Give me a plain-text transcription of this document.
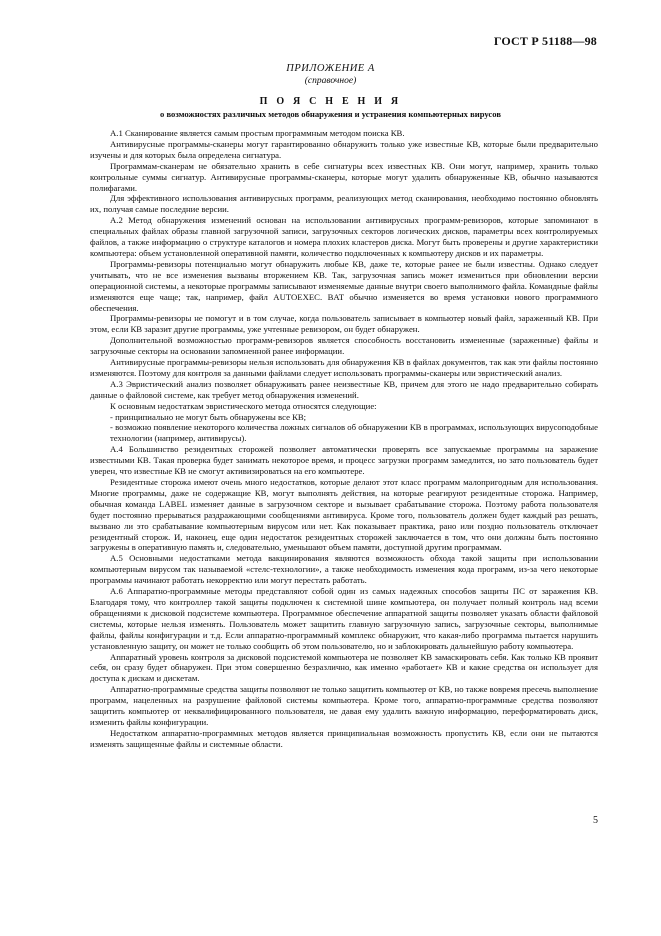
ГОСТ Р 51188—98
ПРИЛОЖЕНИЕ А
(справочное)
П О Я С Н Е Н И Я
о возможностях различных методов обнаружения и устранения компьютерных вирусов

А.1 Сканирование является самым простым программным методом поиска КВ.

Антивирусные программы-сканеры могут гарантированно обнаружить только уже известные КВ, которые были предварительно изучены и для которых была определена сигнатура.

Программам-сканерам не обязательно хранить в себе сигнатуры всех известных КВ. Они могут, например, хранить только контрольные суммы сигнатур. Антивирусные программы-сканеры, которые могут удалить обнаруженные КВ, обычно называются полифагами.

Для эффективного использования антивирусных программ, реализующих метод сканирования, необходимо постоянно обновлять их, получая самые последние версии.

А.2 Метод обнаружения изменений основан на использовании антивирусных программ-ревизоров, которые запоминают в специальных файлах образы главной загрузочной записи, загрузочных секторов логических дисков, параметры всех контролируемых файлов, а также информацию о структуре каталогов и номера плохих кластеров диска. Могут быть проверены и другие характеристики компьютера: объем установленной оперативной памяти, количество подключенных к компьютеру дисков и их параметры.

Программы-ревизоры потенциально могут обнаружить любые КВ, даже те, которые ранее не были известны. Однако следует учитывать, что не все изменения вызваны вторжением КВ. Так, загрузочная запись может измениться при обновлении версии операционной системы, а некоторые программы записывают изменяемые данные внутри своего выполнимого файла. Командные файлы изменяются еще чаще; так, например, файл AUTOEXEC. BAT обычно изменяется во время установки нового программного обеспечения.

Программы-ревизоры не помогут и в том случае, когда пользователь записывает в компьютер новый файл, зараженный КВ. При этом, если КВ заразит другие программы, уже учтенные ревизором, он будет обнаружен.

Дополнительной возможностью программ-ревизоров является способность восстановить измененные (зараженные) файлы и загрузочные секторы на основании запомненной ранее информации.

Антивирусные программы-ревизоры нельзя использовать для обнаружения КВ в файлах документов, так как эти файлы постоянно изменяются. Поэтому для контроля за данными файлами следует использовать программы-сканеры или эвристический анализ.

А.3 Эвристический анализ позволяет обнаруживать ранее неизвестные КВ, причем для этого не надо предварительно собирать данные о файловой системе, как требует метод обнаружения изменений.

К основным недостаткам эвристического метода относятся следующие:

- принципиально не могут быть обнаружены все КВ;

- возможно появление некоторого количества ложных сигналов об обнаружении КВ в программах, использующих вирусоподобные технологии (например, антивирусы).

А.4 Большинство резидентных сторожей позволяет автоматически проверять все запускаемые программы на заражение известными КВ. Такая проверка будет занимать некоторое время, и процесс загрузки программ замедлится, но зато пользователь будет уверен, что известные КВ не смогут активизироваться на его компьютере.

Резидентные сторожа имеют очень много недостатков, которые делают этот класс программ малопригодным для использования. Многие программы, даже не содержащие КВ, могут выполнять действия, на которые реагируют резидентные сторожа. Например, обычная команда LABEL изменяет данные в загрузочном секторе и вызывает срабатывание сторожа. Поэтому работа пользователя будет постоянно прерываться раздражающими сообщениями антивируса. Кроме того, пользователь должен будет каждый раз решать, вызвано ли это срабатывание компьютерным вирусом или нет. Как показывает практика, рано или поздно пользователь отключает резидентный сторож. И, наконец, еще один недостаток резидентных сторожей заключается в том, что они должны быть постоянно загружены в оперативную память и, следовательно, уменьшают объем памяти, доступной другим программам.

А.5 Основными недостатками метода вакцинирования являются возможность обхода такой защиты при использовании компьютерным вирусом так называемой «стелс-технологии», а также необходимость изменения кода программ, из-за чего некоторые программы начинают работать некорректно или могут перестать работать.

А.6 Аппаратно-программные методы представляют собой один из самых надежных способов защиты ПС от заражения КВ. Благодаря тому, что контроллер такой защиты подключен к системной шине компьютера, он получает полный контроль над всеми обращениями к дисковой подсистеме компьютера. Программное обеспечение аппаратной защиты позволяет указать области файловой системы, которые нельзя изменять. Пользователь может защитить главную загрузочную запись, загрузочные секторы, выполнимые файлы, файлы конфигурации и т.д. Если аппаратно-программный комплекс обнаружит, что какая-либо программа пытается нарушить установленную защиту, он может не только сообщить об этом пользователю, но и заблокировать дальнейшую работу компьютера.

Аппаратный уровень контроля за дисковой подсистемой компьютера не позволяет КВ замаскировать себя. Как только КВ проявит себя, он сразу будет обнаружен. При этом совершенно безразлично, как именно «работает» КВ и какие средства он использует для доступа к дискам и дискетам.

Аппаратно-программные средства защиты позволяют не только защитить компьютер от КВ, но также вовремя пресечь выполнение программ, нацеленных на разрушение файловой системы компьютера. Кроме того, аппаратно-программные средства позволяют защитить компьютер от неквалифицированного пользователя, не давая ему удалить важную информацию, переформатировать диск, изменить файлы конфигурации.

Недостатком аппаратно-программных методов является принципиальная возможность пропустить КВ, если они не пытаются изменять защищенные файлы и системные области.

5
